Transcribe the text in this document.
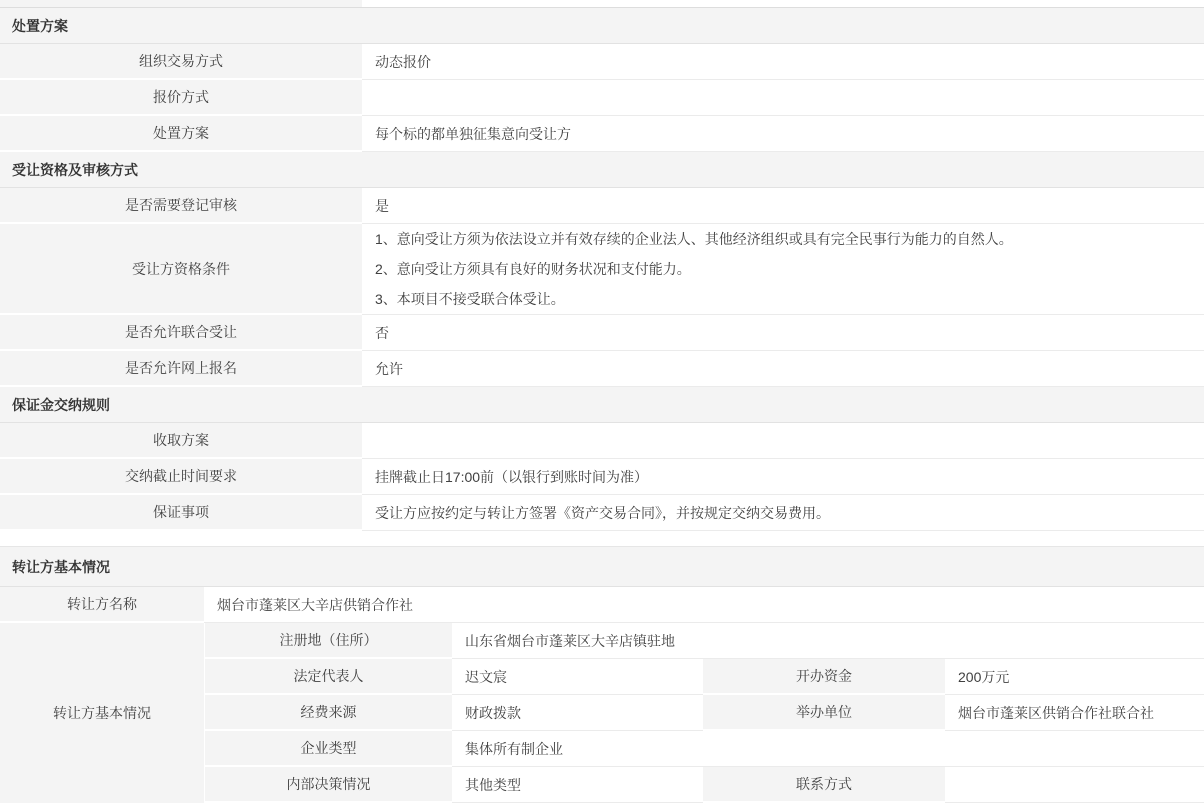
处置方案	
组织交易方式	动态报价
报价方式	
处置方案	每个标的都单独征集意向受让方
受让资格及审核方式	
是否需要登记审核	是
受让方资格条件	1、意向受让方须为依法设立并有效存续的企业法人、其他经济组织或具有完全民事行为能力的自然人。
2、意向受让方须具有良好的财务状况和支付能力。
3、本项目不接受联合体受让。

是否允许联合受让	否
是否允许网上报名	允许
保证金交纳规则	
收取方案	
交纳截止时间要求	挂牌截止日17:00前（以银行到账时间为准）
保证事项	受让方应按约定与转让方签署《资产交易合同》，并按规定交纳交易费用。
转让方基本情况				
转让方名称	烟台市蓬莱区大辛店供销合作社			
转让方基本情况	注册地（住所）	山东省烟台市蓬莱区大辛店镇驻地		
	法定代表人	迟文宸	开办资金	200万元
	经费来源	财政拨款	举办单位	烟台市蓬莱区供销合作社联合社
	企业类型	集体所有制企业		
	内部决策情况	其他类型	联系方式	
